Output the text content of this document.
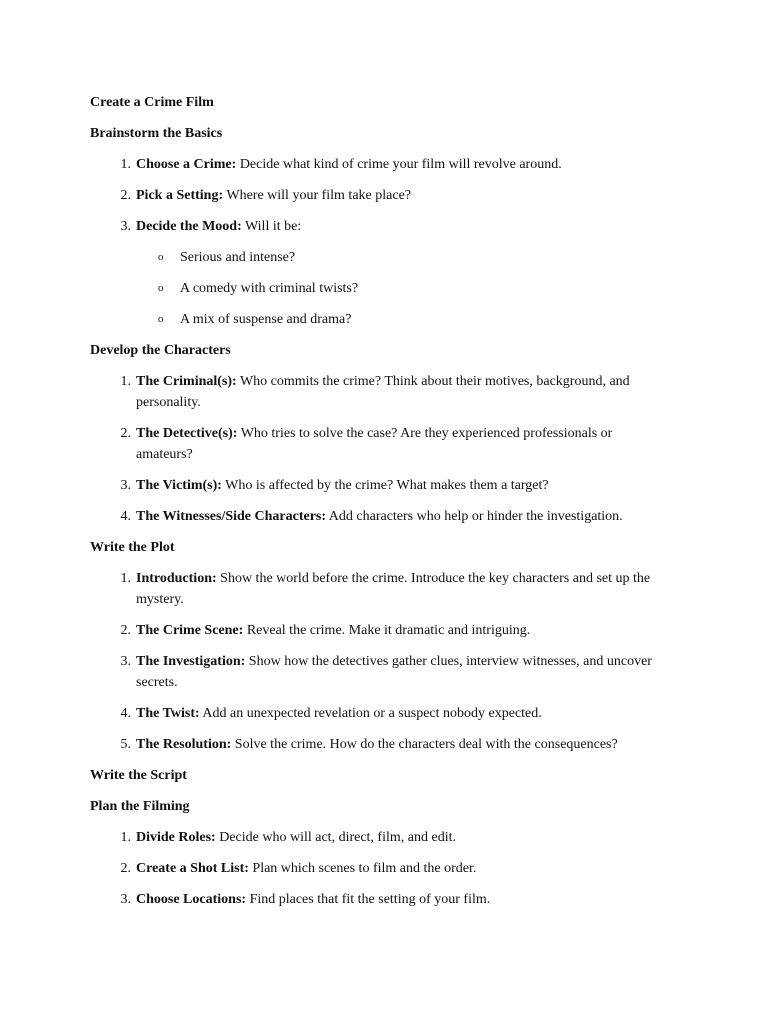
Create a Crime Film
Brainstorm the Basics
1. Choose a Crime: Decide what kind of crime your film will revolve around.
2. Pick a Setting: Where will your film take place?
3. Decide the Mood: Will it be:
o Serious and intense?
o A comedy with criminal twists?
o A mix of suspense and drama?
Develop the Characters
1. The Criminal(s): Who commits the crime? Think about their motives, background, and personality.
2. The Detective(s): Who tries to solve the case? Are they experienced professionals or amateurs?
3. The Victim(s): Who is affected by the crime? What makes them a target?
4. The Witnesses/Side Characters: Add characters who help or hinder the investigation.
Write the Plot
1. Introduction: Show the world before the crime. Introduce the key characters and set up the mystery.
2. The Crime Scene: Reveal the crime. Make it dramatic and intriguing.
3. The Investigation: Show how the detectives gather clues, interview witnesses, and uncover secrets.
4. The Twist: Add an unexpected revelation or a suspect nobody expected.
5. The Resolution: Solve the crime. How do the characters deal with the consequences?
Write the Script
Plan the Filming
1. Divide Roles: Decide who will act, direct, film, and edit.
2. Create a Shot List: Plan which scenes to film and the order.
3. Choose Locations: Find places that fit the setting of your film.
